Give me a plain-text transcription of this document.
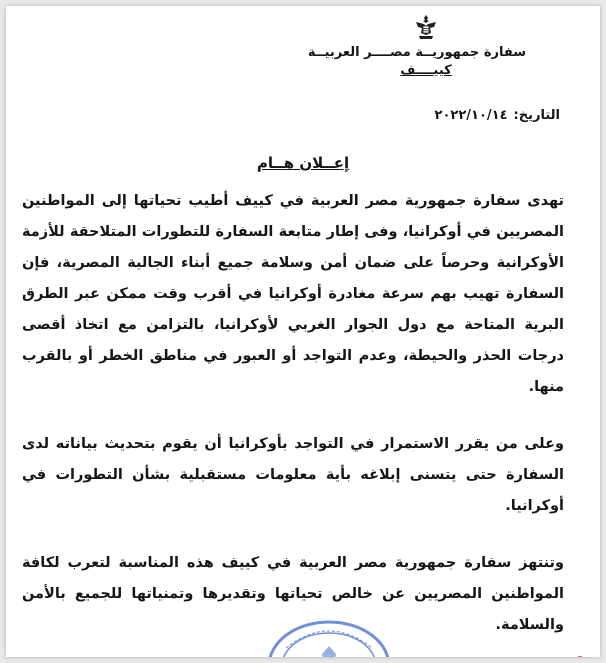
سفارة جمهوريــة مصــــر العربيــة

كييــــف

التاريخ:٢٠٢٢/١٠/١٤
إعــلان هــام

تهدى سفارة جمهورية مصر العربية في كييف أطيب تحياتها إلى المواطنين المصريين في أوكرانيا، وفى إطار متابعة السفارة للتطورات المتلاحقة للأزمة الأوكرانية وحرصاً على ضمان أمن وسلامة جميع أبناء الجالية المصرية، فإن السفارة تهيب بهم سرعة مغادرة أوكرانيا في أقرب وقت ممكن عبر الطرق البرية المتاحة مع دول الجوار الغربي لأوكرانيا، بالتزامن مع اتخاذ أقصى درجات الحذر والحيطة، وعدم التواجد أو العبور في مناطق الخطر أو بالقرب منها.

وعلى من يقرر الاستمرار في التواجد بأوكرانيا أن يقوم بتحديث بياناته لدى السفارة حتى يتسنى إبلاغه بأية معلومات مستقبلية بشأن التطورات في أوكرانيا.

وتنتهز سفارة جمهورية مصر العربية في كييف هذه المناسبة لتعرب لكافة المواطنين المصريين عن خالص تحياتها وتقديرها وتمنياتها للجميع بالأمن والسلامة.
